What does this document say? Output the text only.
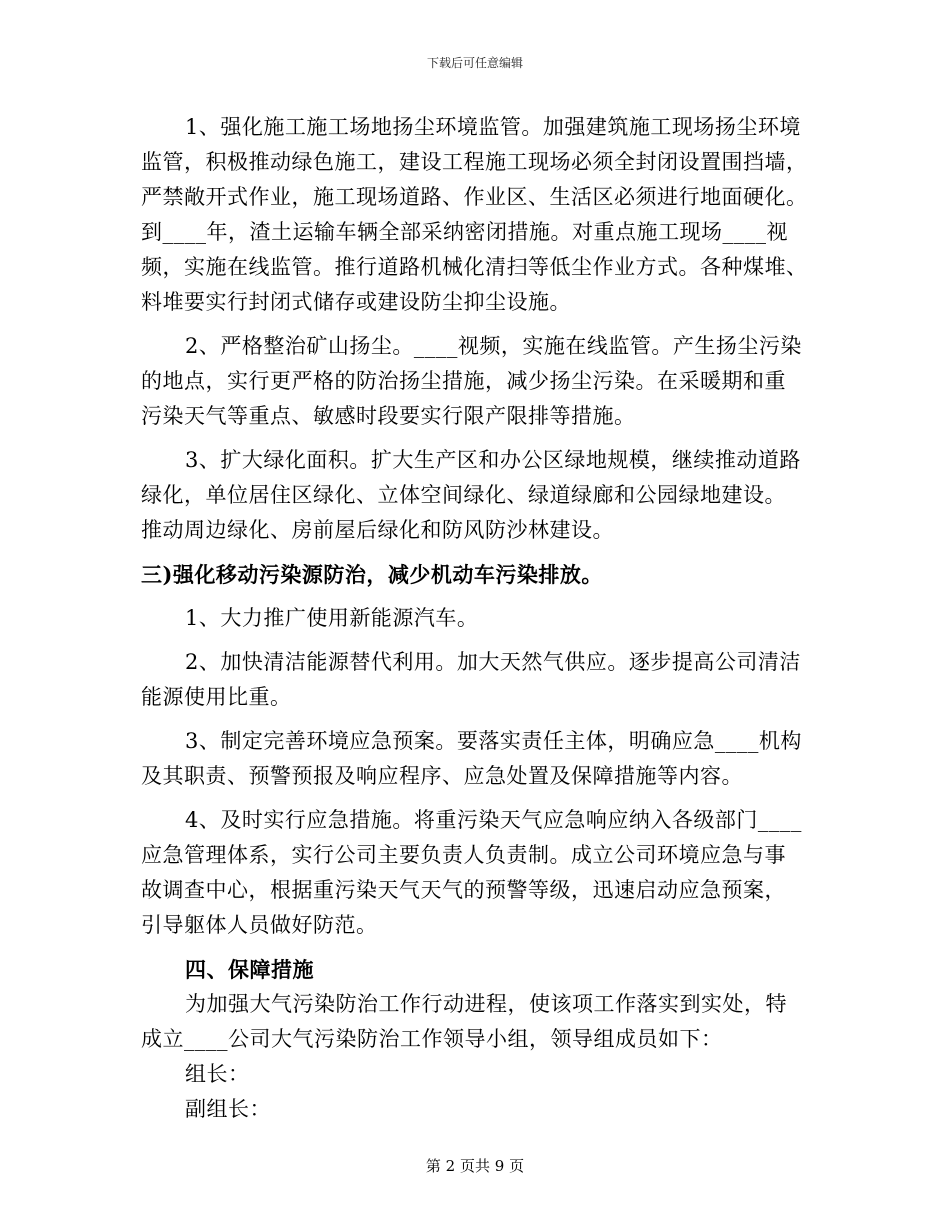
下载后可任意编辑
1、强化施工施工场地扬尘环境监管。加强建筑施工现场扬尘环境
监管，积极推动绿色施工，建设工程施工现场必须全封闭设置围挡墙，
严禁敞开式作业，施工现场道路、作业区、生活区必须进行地面硬化。
到____年，渣土运输车辆全部采纳密闭措施。对重点施工现场____视
频，实施在线监管。推行道路机械化清扫等低尘作业方式。各种煤堆、
料堆要实行封闭式储存或建设防尘抑尘设施。
2、严格整治矿山扬尘。____视频，实施在线监管。产生扬尘污染
的地点，实行更严格的防治扬尘措施，减少扬尘污染。在采暖期和重
污染天气等重点、敏感时段要实行限产限排等措施。
3、扩大绿化面积。扩大生产区和办公区绿地规模，继续推动道路
绿化，单位居住区绿化、立体空间绿化、绿道绿廊和公园绿地建设。
推动周边绿化、房前屋后绿化和防风防沙林建设。
三)强化移动污染源防治，减少机动车污染排放。
1、大力推广使用新能源汽车。
2、加快清洁能源替代利用。加大天然气供应。逐步提高公司清洁
能源使用比重。
3、制定完善环境应急预案。要落实责任主体，明确应急____机构
及其职责、预警预报及响应程序、应急处置及保障措施等内容。
4、及时实行应急措施。将重污染天气应急响应纳入各级部门____
应急管理体系，实行公司主要负责人负责制。成立公司环境应急与事
故调查中心，根据重污染天气天气的预警等级，迅速启动应急预案，
引导躯体人员做好防范。
四、保障措施
为加强大气污染防治工作行动进程，使该项工作落实到实处，特
成立____公司大气污染防治工作领导小组，领导组成员如下：
组长：
副组长：
第 2 页共 9 页
